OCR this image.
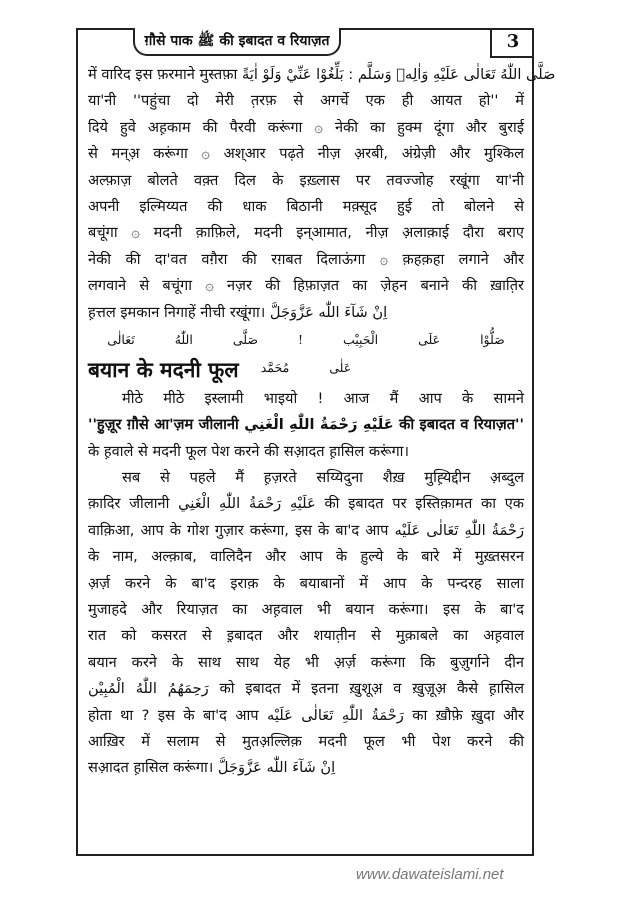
ग़ौसे पाक ﷺ की इबादत व रियाज़त	3
में वारिद इस फ़रमाने मुस्तफ़ा صَلَّى اللّٰهُ تَعَالٰى عَلَيْهِ وَاٰلِهٖ وَسَلَّم : بَلِّغُوْا عَنِّيْ وَلَوْ اٰيَةً
या'नी ''पहुंचा दो मेरी त़रफ़ से अगर्चे एक ही आयत हो'' में
दिये हुवे अह़काम की पैरवी करूंगा ۞ नेकी का हुक्म दूंगा और बुराई
से मन्अ़ करूंगा ۞ अश्आर पढ़ते नीज़ अ़रबी, अंग्रेज़ी और मुश्किल
अल्फ़ाज़ बोलते वक़्त दिल के इख़्लास पर तवज्जोह रखूंगा या'नी
अपनी इल्मिय्यत की धाक बिठानी मक़्सूद हुई तो बोलने से
बचूंगा ۞ मदनी क़ाफ़िले, मदनी इन्आमात, नीज़ अ़लाक़ाई दौरा बराए
नेकी की दा'वत वग़ैरा की रग़बत दिलाऊंगा ۞ क़हक़हा लगाने और
लगवाने से बचूंगा ۞ नज़र की हिफ़ाज़त का ज़ेहन बनाने की ख़ात़िर
ह़त्तल इमकान निगाहें नीची रखूंगा। اِنْ شَآءَ اللّٰه عَزَّوَجَلَّ
صَلُّوْا عَلَی الْحَبِيْب ! صَلَّى اللّٰهُ تَعَالٰى عَلٰى مُحَمَّد
बयान के मदनी फूल
मीठे मीठे इस्लामी भाइयो ! आज मैं आप के सामने
''हु़ज़ूर ग़ौसे आ'ज़म जीलानी عَلَيْهِ رَحْمَةُ اللّٰهِ الْغَنِي की इबादत व रियाज़त''
के ह़वाले से मदनी फूल पेश करने की सआ़दत ह़ासिल करूंगा।
सब से पहले मैं ह़ज़रते सय्यिदुना शैख़ मुह़्यिद्दीन अ़ब्दुल
क़ादिर जीलानी عَلَيْهِ رَحْمَةُ اللّٰهِ الْغَنِي की इबादत पर इस्तिक़ामत का एक
वाक़िआ, आप के गोश गुज़ार करूंगा, इस के बा'द आप رَحْمَةُ اللّٰهِ تَعَالٰى عَلَيْه
के नाम, अल्क़ाब, वालिदैन और आप के ह़ुल्ये के बारे में मुख़्तसरन
अ़र्ज़ करने के बा'द इराक़ के बयाबानों में आप के पन्दरह साला
मुजाहदे और रियाज़त का अह़वाल भी बयान करूंगा। इस के बा'द
रात को कसरत से इ़बादत और शयात़ीन से मुक़ाबले का अह़वाल
बयान करने के साथ साथ येह भी अ़र्ज़ करूंगा कि बुज़ुर्गाने दीन
رَحِمَهُمُ اللّٰهُ الْمُبِيْن को इबादत में इतना ख़ुशूअ़ व ख़ुज़ूअ़ कैसे ह़ासिल
होता था ? इस के बा'द आप رَحْمَةُ اللّٰهِ تَعَالٰى عَلَيْه का ख़ौफ़े ख़ुदा और
आख़िर में सलाम से मुतअ़ल्लिक़ मदनी फूल भी पेश करने की
सआ़दत ह़ासिल करूंगा। اِنْ شَآءَ اللّٰه عَزَّوَجَلَّ
www.dawateislami.net
